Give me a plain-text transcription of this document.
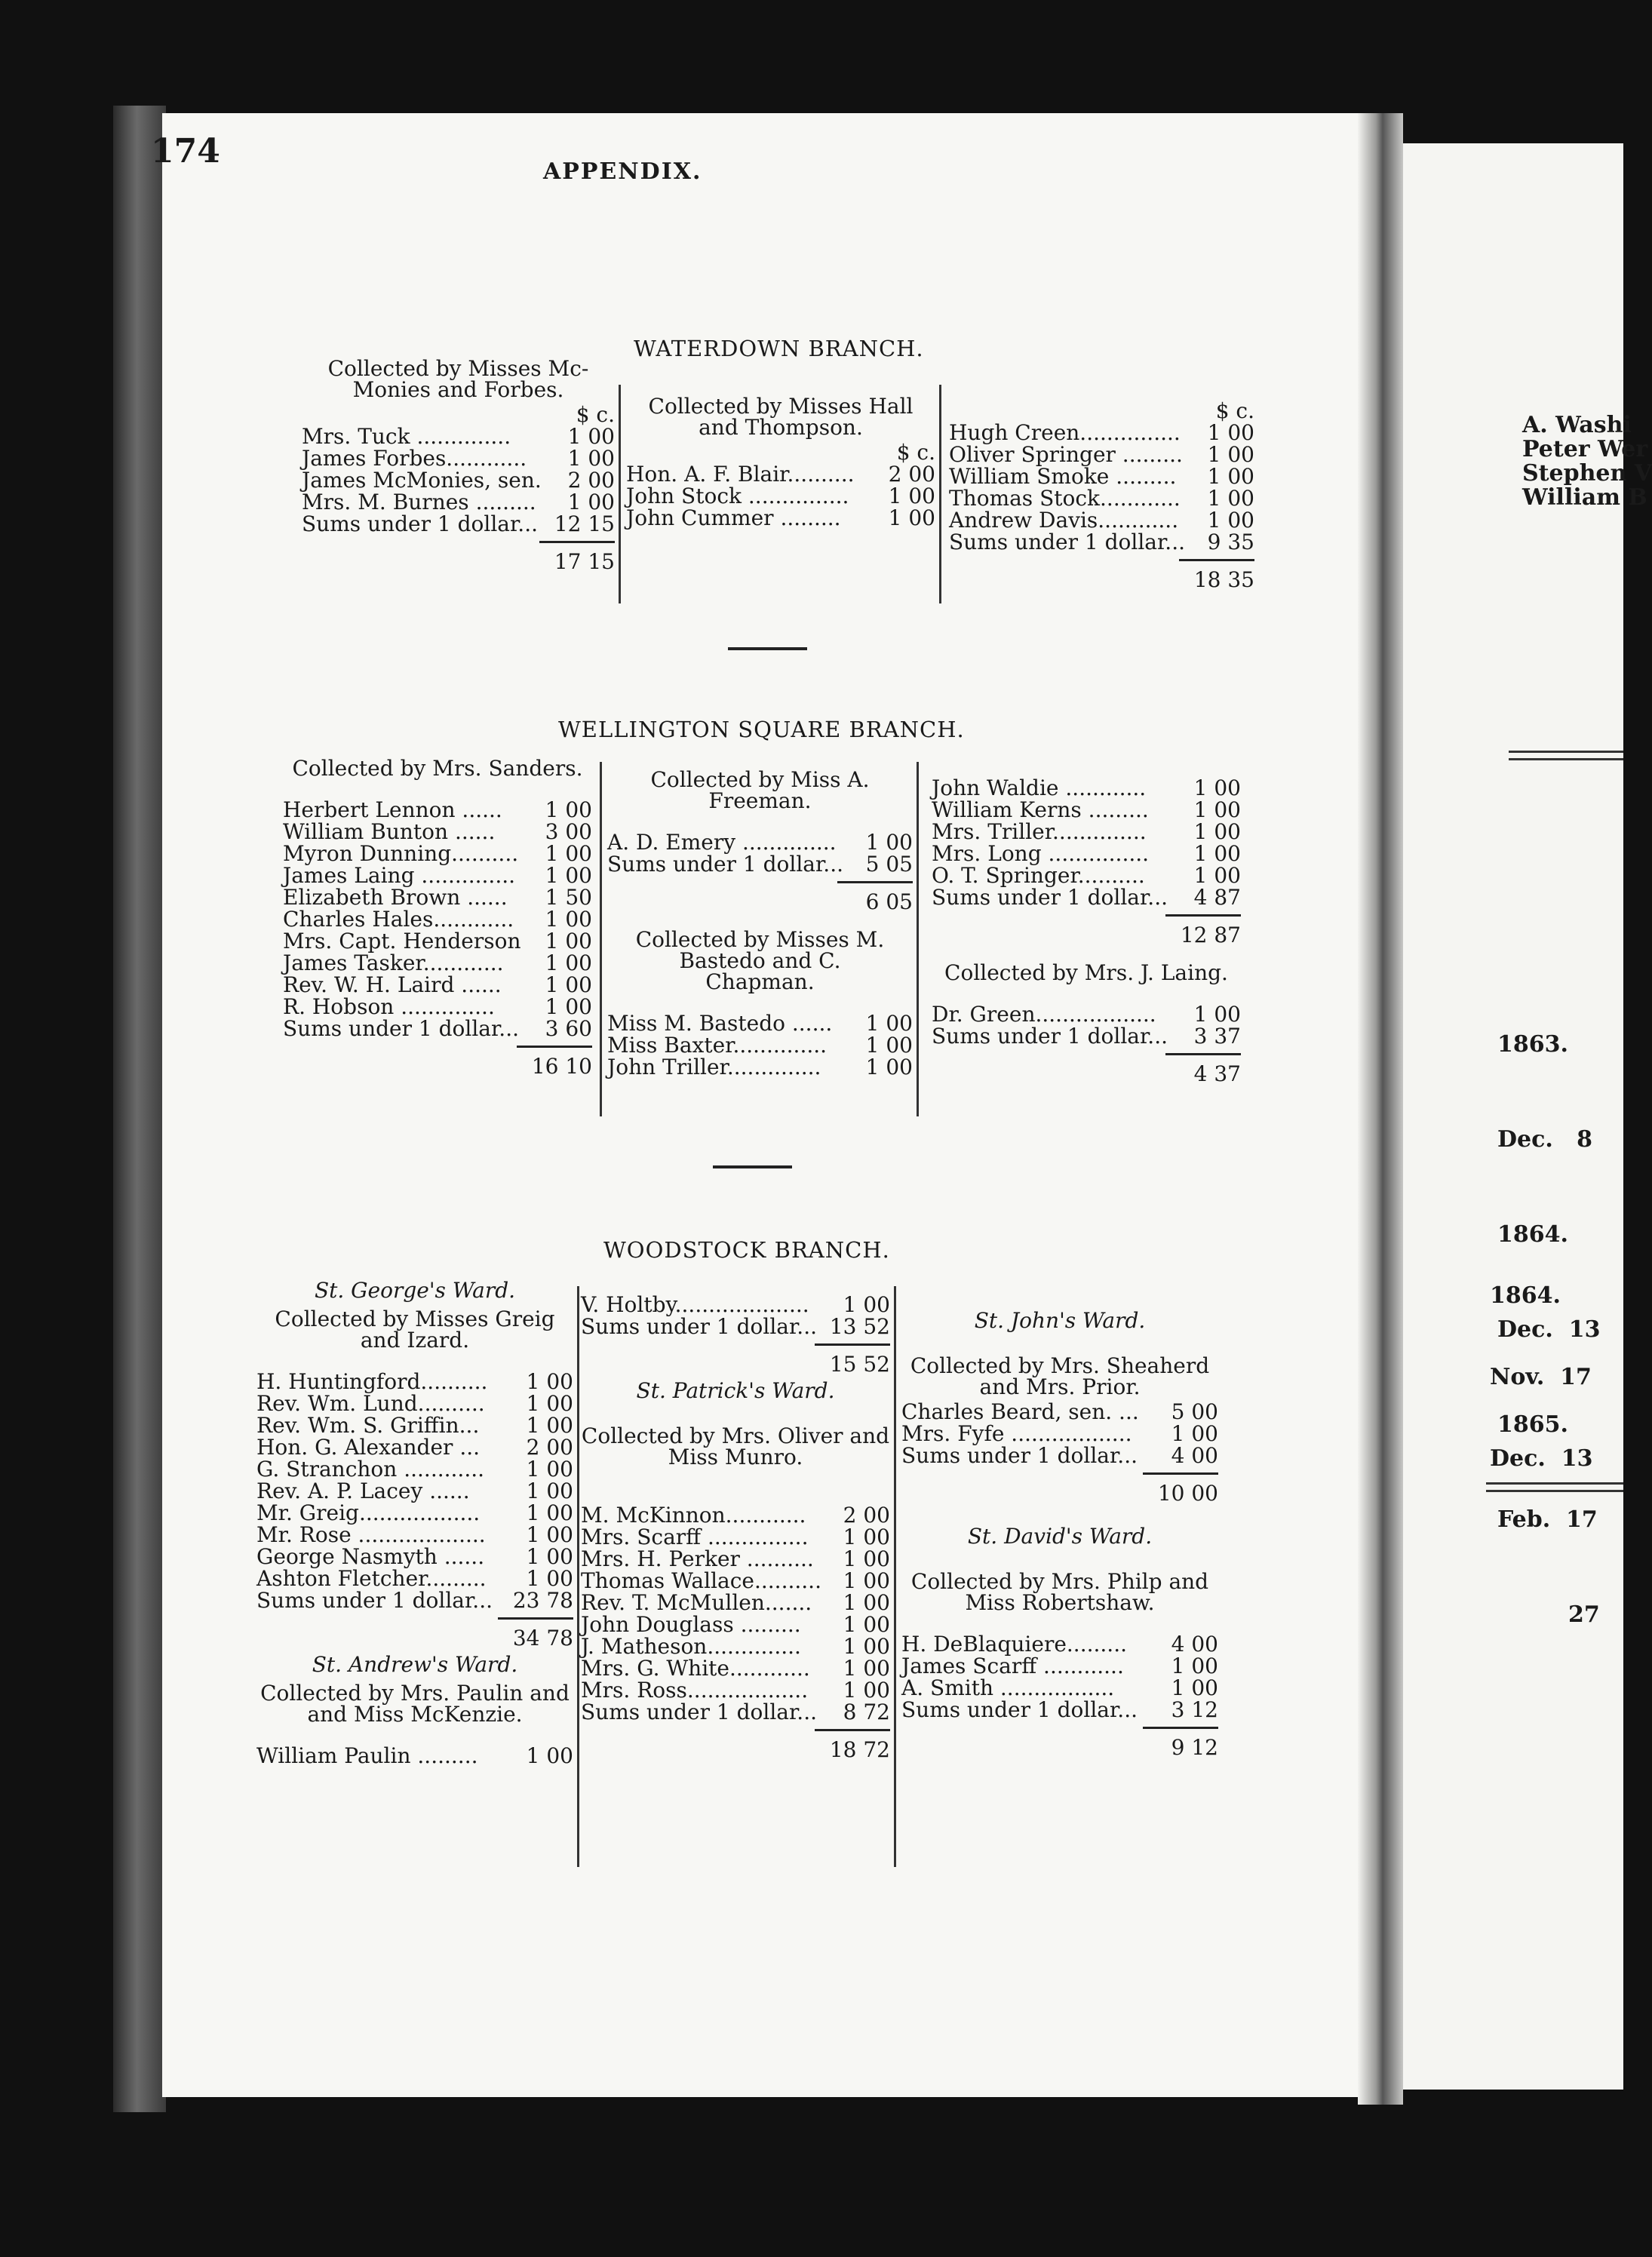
174
APPENDIX.
WATERDOWN BRANCH.
Collected by Misses Mc-Monies and Forbes.
$ c.
Mrs. Tuck ..............	1 00
James Forbes............ 1 00
James McMonies, sen. 2 00
Mrs. M. Burnes ......... 1 00
Sums under 1 dollar... 12 15
17 15
Collected by Misses Hall and Thompson.
$ c.
Hon. A. F. Blair.......... 2 00
John Stock ............... 1 00
John Cummer ......... 1 00
$ c.
Hugh Creen............... 1 00
Oliver Springer ......... 1 00
William Smoke ......... 1 00
Thomas Stock............ 1 00
Andrew Davis............ 1 00
Sums under 1 dollar... 9 35
18 35
WELLINGTON SQUARE BRANCH.
Collected by Mrs. Sanders.
Herbert Lennon ...... 1 00
William Bunton ...... 3 00
Myron Dunning.......... 1 00
James Laing .............. 1 00
Elizabeth Brown ...... 1 50
Charles Hales............ 1 00
Mrs. Capt. Henderson 1 00
James Tasker............ 1 00
Rev. W. H. Laird ...... 1 00
R. Hobson .............. 1 00
Sums under 1 dollar... 3 60
16 10
Collected by Miss A. Freeman.
A. D. Emery .............. 1 00
Sums under 1 dollar... 5 05
6 05
Collected by Misses M. Bastedo and C. Chapman.
Miss M. Bastedo ...... 1 00
Miss Baxter.............. 1 00
John Triller.............. 1 00
John Waldie ............ 1 00
William Kerns ......... 1 00
Mrs. Triller.............. 1 00
Mrs. Long ............... 1 00
O. T. Springer.......... 1 00
Sums under 1 dollar... 4 87
12 87
Collected by Mrs. J. Laing.
Dr. Green.................. 1 00
Sums under 1 dollar... 3 37
4 37
WOODSTOCK BRANCH.
St. George's Ward.
Collected by Misses Greig and Izard.
H. Huntingford.......... 1 00
Rev. Wm. Lund.......... 1 00
Rev. Wm. S. Griffin... 1 00
Hon. G. Alexander ... 2 00
G. Stranchon ............ 1 00
Rev. A. P. Lacey ......	1 00
Mr. Greig.................. 1 00
Mr. Rose ................... 1 00
George Nasmyth ...... 1 00
Ashton Fletcher......... 1 00
Sums under 1 dollar... 23 78
34 78
St. Andrew's Ward.
Collected by Mrs. Paulin and and Miss McKenzie.
William Paulin ......... 1 00
V. Holtby.................... 1 00
Sums under 1 dollar... 13 52
15 52
St. Patrick's Ward.
Collected by Mrs. Oliver and Miss Munro.
M. McKinnon............ 2 00
Mrs. Scarff ............... 1 00
Mrs. H. Perker .......... 1 00
Thomas Wallace.......... 1 00
Rev. T. McMullen....... 1 00
John Douglass ......... 1 00
J. Matheson.............. 1 00
Mrs. G. White............ 1 00
Mrs. Ross.................. 1 00
Sums under 1 dollar... 8 72
18 72
St. John's Ward.
Collected by Mrs. Sheaherd and Mrs. Prior.
Charles Beard, sen. ... 5 00
Mrs. Fyfe .................. 1 00
Sums under 1 dollar... 4 00
10 00
St. David's Ward.
Collected by Mrs. Philp and Miss Robertshaw.
H. DeBlaquiere......... 4 00
James Scarff ............ 1 00
A. Smith .................	1 00
Sums under 1 dollar... 3 12
9 12
A. Washi
Peter Wer
Stephen V
William B

1863.

Dec.   8

1864.

Dec.  13

1865.

Feb.  17

27

1864.

Nov.  17

Dec.  13
